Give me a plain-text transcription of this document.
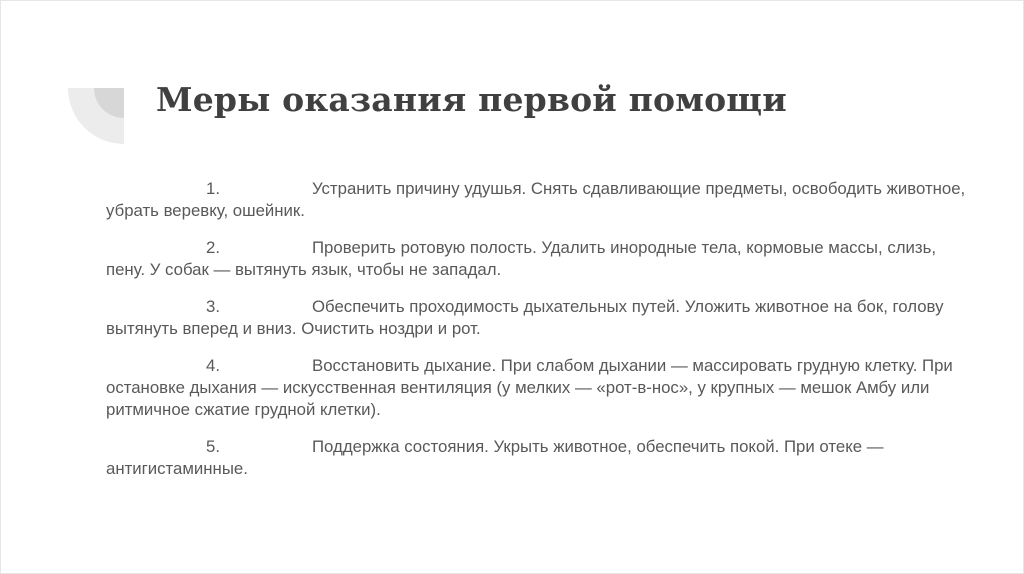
Меры оказания первой помощи
1.	Устранить причину удушья. Снять сдавливающие предметы, освободить животное, убрать веревку, ошейник.
2.	Проверить ротовую полость. Удалить инородные тела, кормовые массы, слизь, пену. У собак — вытянуть язык, чтобы не западал.
3.	Обеспечить проходимость дыхательных путей. Уложить животное на бок, голову вытянуть вперед и вниз. Очистить ноздри и рот.
4.	Восстановить дыхание. При слабом дыхании — массировать грудную клетку. При остановке дыхания — искусственная вентиляция (у мелких — «рот-в-нос», у крупных — мешок Амбу или ритмичное сжатие грудной клетки).
5.	Поддержка состояния. Укрыть животное, обеспечить покой. При отеке — антигистаминные.
